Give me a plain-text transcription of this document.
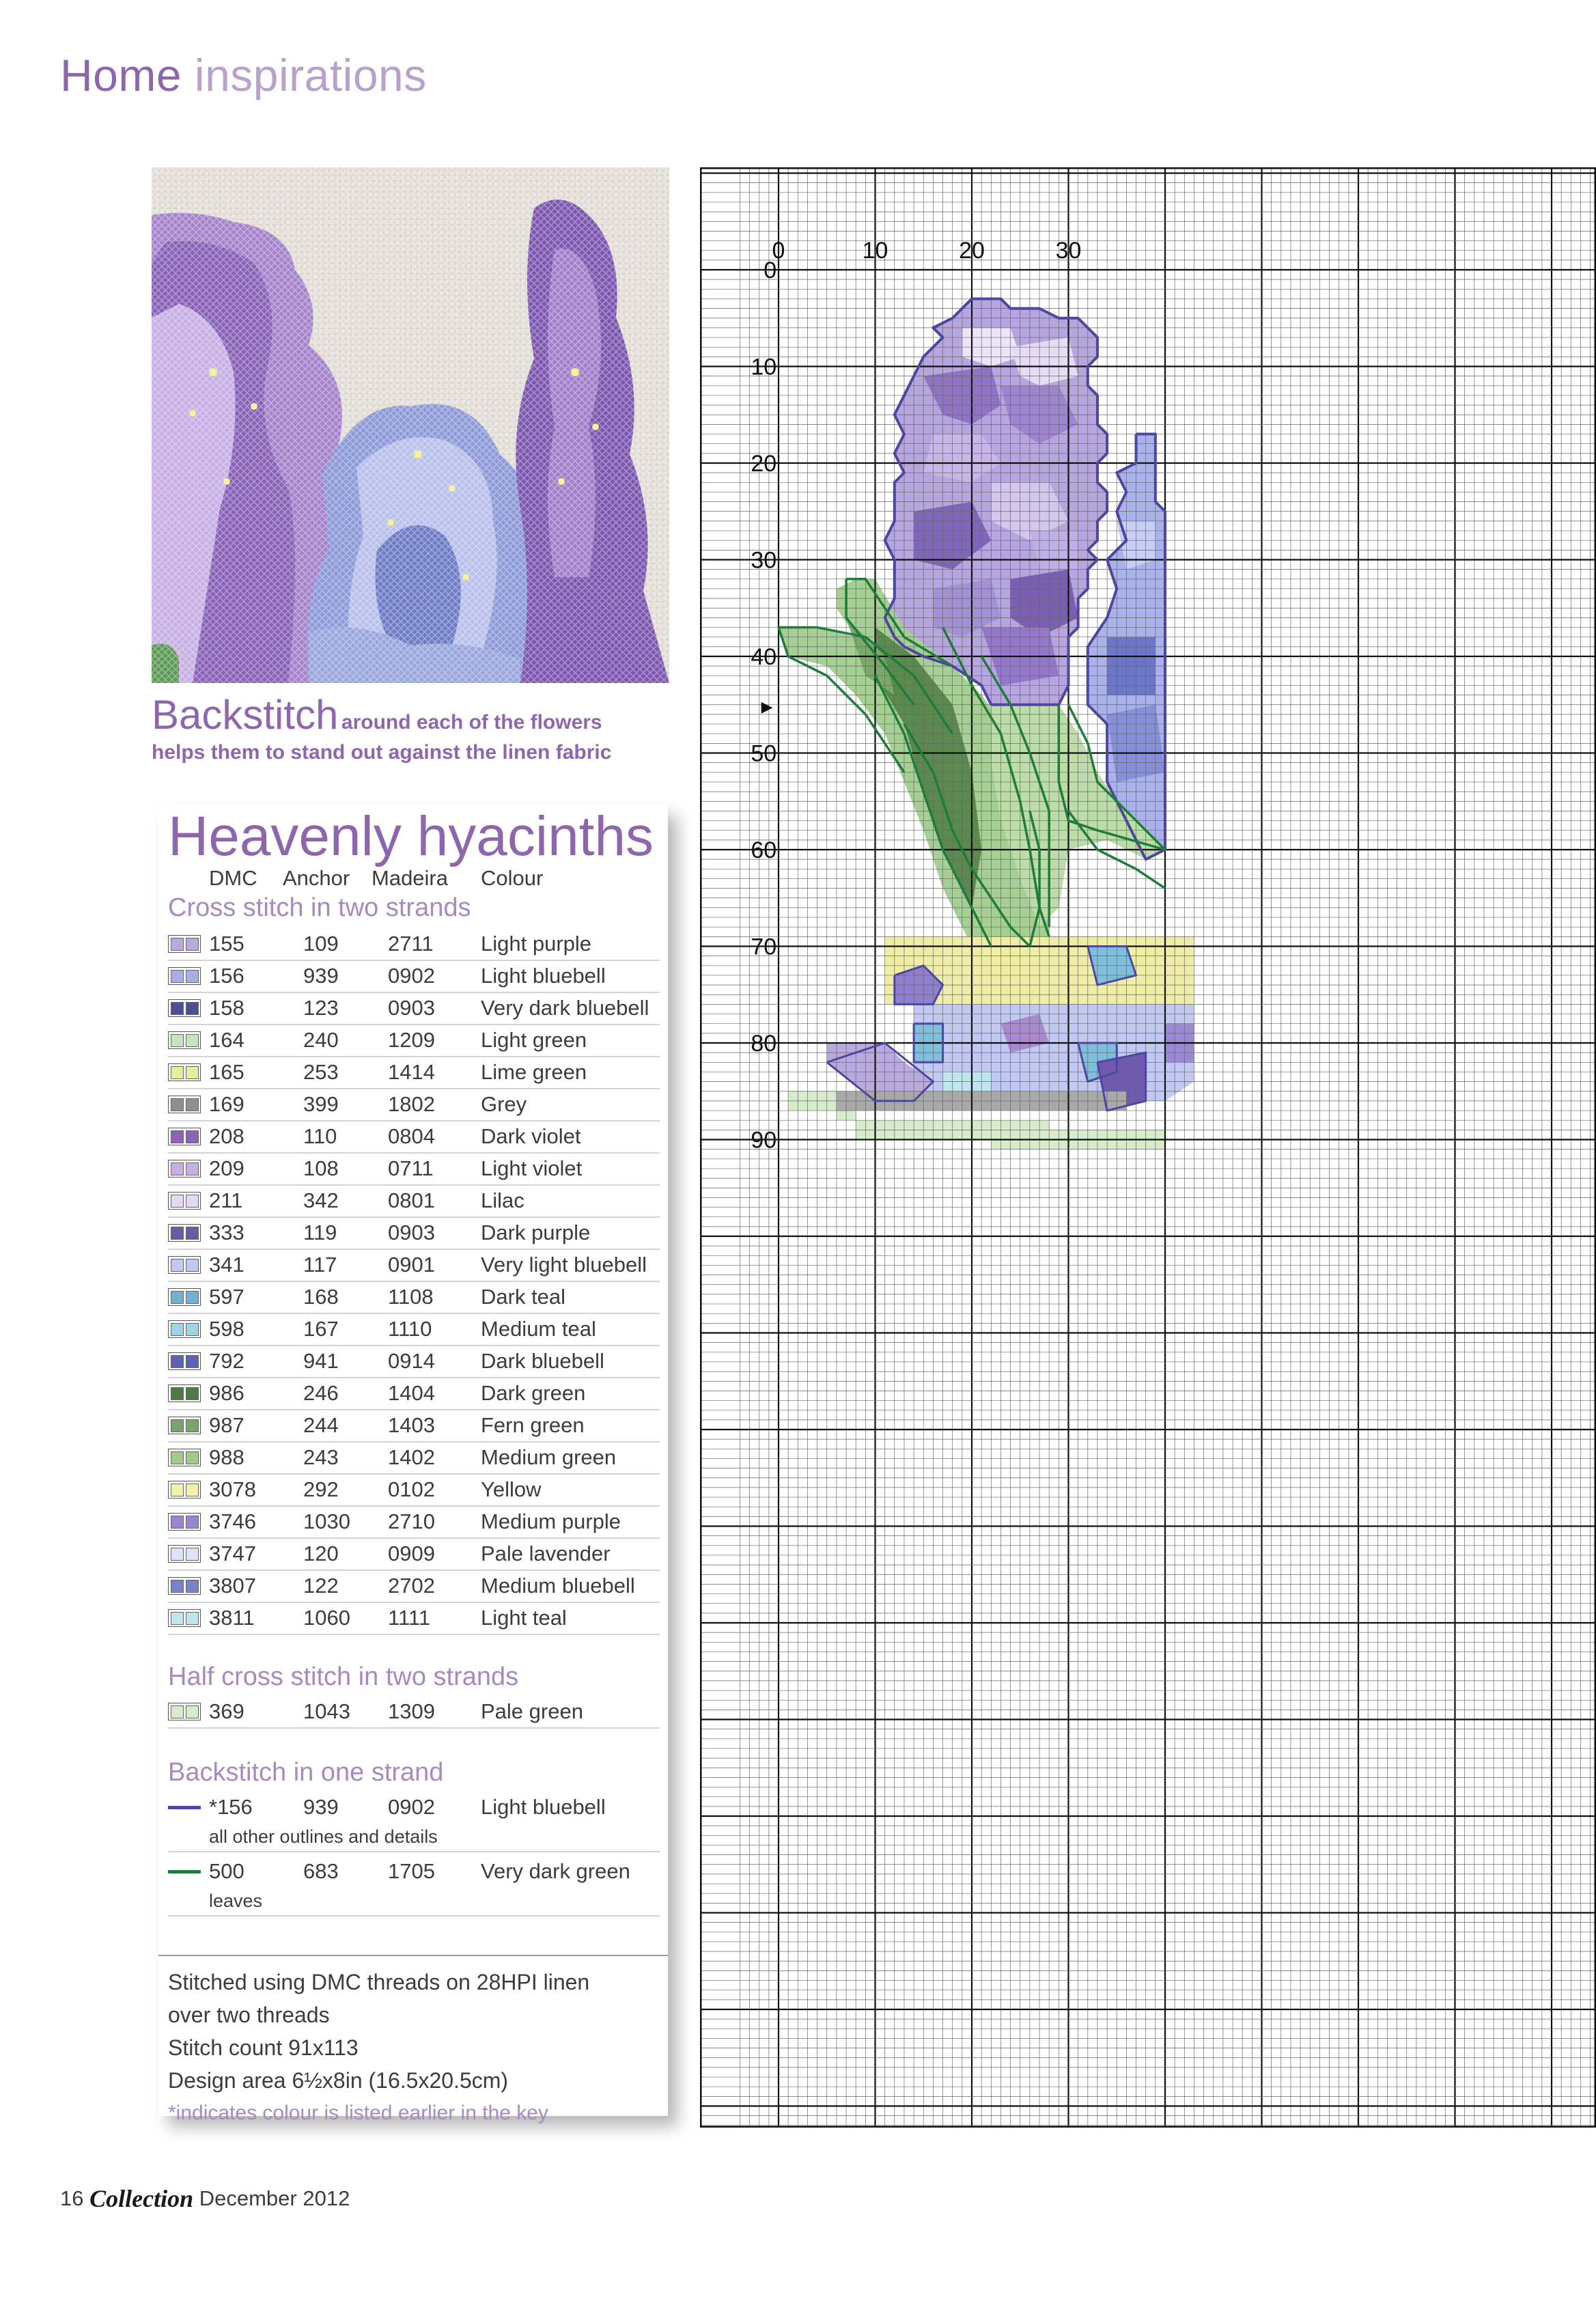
Home inspirations
Backstitch around each of the flowers
helps them to stand out against the linen fabric
Heavenly hyacinths
DMC Anchor Madeira Colour
Cross stitch in two strands
155	109 2711 Light purple
156	939 0902 Light bluebell
158	123 0903 Very dark bluebell
164	240 1209 Light green
165	253 1414 Lime green
169	399 1802 Grey
208	110 0804 Dark violet
209	108 0711 Light violet
211	342 0801 Lilac
333	119 0903 Dark purple
341	117 0901 Very light bluebell
597	168 1108 Dark teal
598	167 1110 Medium teal
792	941 0914 Dark bluebell
986	246 1404 Dark green
987	244 1403 Fern green
988	243 1402 Medium green
3078 292 0102 Yellow
3746 1030 2710 Medium purple
3747 120 0909 Pale lavender
3807 122 2702 Medium bluebell
3811 1060 1111 Light teal
Half cross stitch in two strands
369	1043 1309 Pale green
Backstitch in one strand
*156 939 0902 Light bluebell
all other outlines and details
500	683 1705 Very dark green
leaves
Stitched using DMC threads on 28HPI linen
over two threads
Stitch count 91x113
Design area 6½x8in (16.5x20.5cm)
*indicates colour is listed earlier in the key
0	10	20	30
0
10
20
30
40
50
60
70
80
90
▶
16 Collection December 2012
